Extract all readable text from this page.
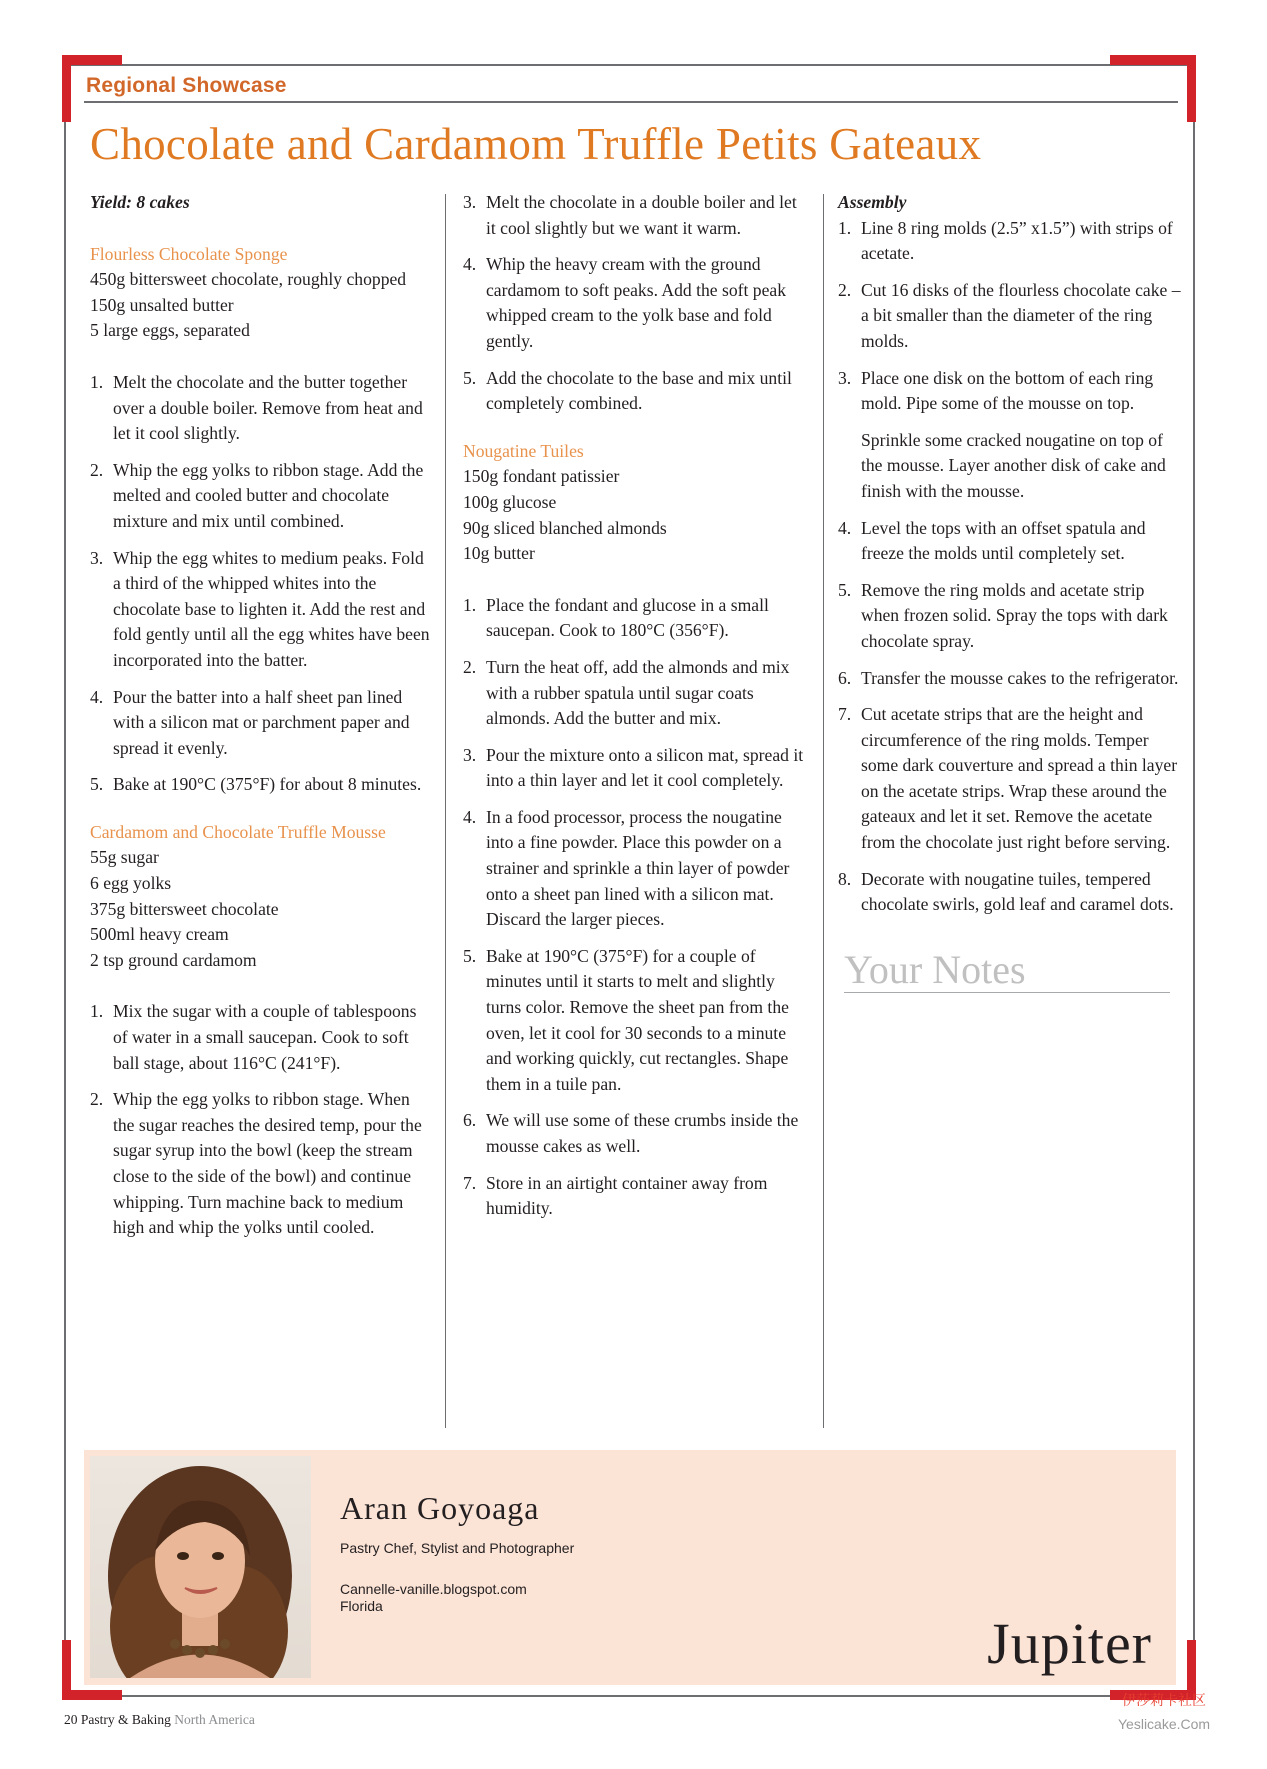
Regional Showcase
Chocolate and Cardamom Truffle Petits Gateaux

Yield: 8 cakes

Flourless Chocolate Sponge

450g bittersweet chocolate, roughly chopped
150g unsalted butter
5 large eggs, separated
1. Melt the chocolate and the butter together over a double boiler. Remove from heat and let it cool slightly.
2. Whip the egg yolks to ribbon stage. Add the melted and cooled butter and chocolate mixture and mix until combined.
3. Whip the egg whites to medium peaks. Fold a third of the whipped whites into the chocolate base to lighten it. Add the rest and fold gently until all the egg whites have been incorporated into the batter.
4. Pour the batter into a half sheet pan lined with a silicon mat or parchment paper and spread it evenly.
5. Bake at 190°C (375°F) for about 8 minutes.

Cardamom and Chocolate Truffle Mousse

55g sugar
6 egg yolks
375g bittersweet chocolate
500ml heavy cream
2 tsp ground cardamom
1. Mix the sugar with a couple of tablespoons of water in a small saucepan. Cook to soft ball stage, about 116°C (241°F).
2. Whip the egg yolks to ribbon stage. When the sugar reaches the desired temp, pour the sugar syrup into the bowl (keep the stream close to the side of the bowl) and continue whipping. Turn machine back to medium high and whip the yolks until cooled.
3. Melt the chocolate in a double boiler and let it cool slightly but we want it warm.
4. Whip the heavy cream with the ground cardamom to soft peaks. Add the soft peak whipped cream to the yolk base and fold gently.
5. Add the chocolate to the base and mix until completely combined.

Nougatine Tuiles

150g fondant patissier
100g glucose
90g sliced blanched almonds
10g butter
1. Place the fondant and glucose in a small saucepan. Cook to 180°C (356°F).
2. Turn the heat off, add the almonds and mix with a rubber spatula until sugar coats almonds. Add the butter and mix.
3. Pour the mixture onto a silicon mat, spread it into a thin layer and let it cool completely.
4. In a food processor, process the nougatine into a fine powder. Place this powder on a strainer and sprinkle a thin layer of powder onto a sheet pan lined with a silicon mat. Discard the larger pieces.
5. Bake at 190°C (375°F) for a couple of minutes until it starts to melt and slightly turns color. Remove the sheet pan from the oven, let it cool for 30 seconds to a minute and working quickly, cut rectangles. Shape them in a tuile pan.
6. We will use some of these crumbs inside the mousse cakes as well.
7. Store in an airtight container away from humidity.

Assembly

1. Line 8 ring molds (2.5” x1.5”) with strips of acetate.
2. Cut 16 disks of the flourless chocolate cake – a bit smaller than the diameter of the ring molds.
3. Place one disk on the bottom of each ring mold. Pipe some of the mousse on top.
Sprinkle some cracked nougatine on top of the mousse. Layer another disk of cake and finish with the mousse.
4. Level the tops with an offset spatula and freeze the molds until completely set.
5. Remove the ring molds and acetate strip when frozen solid. Spray the tops with dark chocolate spray.
6. Transfer the mousse cakes to the refrigerator.
7. Cut acetate strips that are the height and circumference of the ring molds. Temper some dark couverture and spread a thin layer on the acetate strips. Wrap these around the gateaux and let it set. Remove the acetate from the chocolate just right before serving.
8. Decorate with nougatine tuiles, tempered chocolate swirls, gold leaf and caramel dots.
Your Notes
Aran Goyoaga
Pastry Chef, Stylist and Photographer
Cannelle-vanille.blogspot.com
Florida
Jupiter
20 Pastry & Baking North America
伊莎莉卡社区
Yeslicake.Com
